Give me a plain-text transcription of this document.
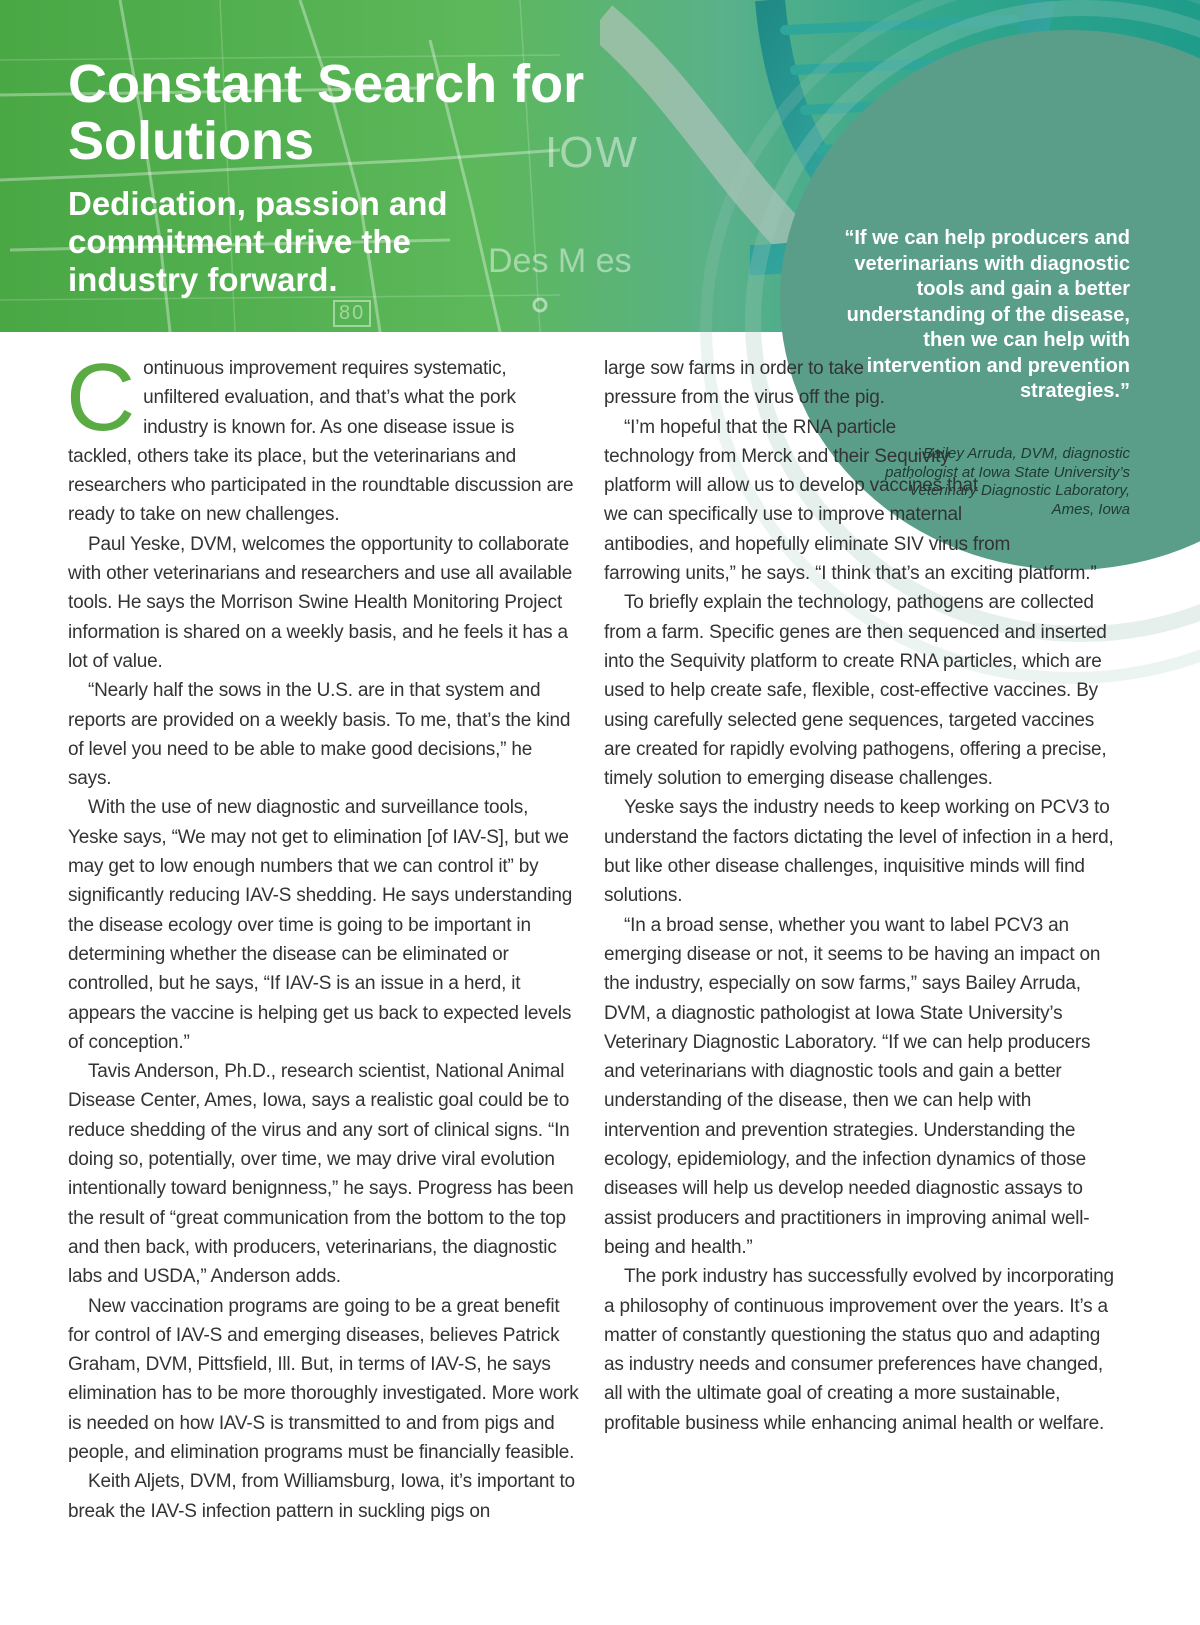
IOW
Des M es
80
Constant Search for Solutions
Dedication, passion and commitment drive the industry forward.

“If we can help producers and veterinarians with diagnostic tools and gain a better understanding of the disease, then we can help with intervention and prevention strategies.”

- Bailey Arruda, DVM, diagnostic pathologist at Iowa State University’s Veterinary Diagnostic Laboratory, Ames, Iowa

Continuous improvement requires systematic, unfiltered evaluation, and that’s what the pork industry is known for. As one disease issue is tackled, others take its place, but the veterinarians and researchers who participated in the roundtable discussion are ready to take on new challenges.

Paul Yeske, DVM, welcomes the opportunity to collaborate with other veterinarians and researchers and use all available tools. He says the Morrison Swine Health Monitoring Project information is shared on a weekly basis, and he feels it has a lot of value.

“Nearly half the sows in the U.S. are in that system and reports are provided on a weekly basis. To me, that’s the kind of level you need to be able to make good decisions,” he says.

With the use of new diagnostic and surveillance tools, Yeske says, “We may not get to elimination [of IAV-S], but we may get to low enough numbers that we can control it” by significantly reducing IAV-S shedding. He says understanding the disease ecology over time is going to be important in determining whether the disease can be eliminated or controlled, but he says, “If IAV-S is an issue in a herd, it appears the vaccine is helping get us back to expected levels of conception.”

Tavis Anderson, Ph.D., research scientist, National Animal Disease Center, Ames, Iowa, says a realistic goal could be to reduce shedding of the virus and any sort of clinical signs. “In doing so, potentially, over time, we may drive viral evolution intentionally toward benignness,” he says. Progress has been the result of “great communication from the bottom to the top and then back, with producers, veterinarians, the diagnostic labs and USDA,” Anderson adds.

New vaccination programs are going to be a great benefit for control of IAV-S and emerging diseases, believes Patrick Graham, DVM, Pittsfield, Ill. But, in terms of IAV-S, he says elimination has to be more thoroughly investigated. More work is needed on how IAV-S is transmitted to and from pigs and people, and elimination programs must be financially feasible.

Keith Aljets, DVM, from Williamsburg, Iowa, it’s important to break the IAV-S infection pattern in suckling pigs on

large sow farms in order to take pressure from the virus off the pig.

“I’m hopeful that the RNA particle technology from Merck and their Sequivity platform will allow us to develop vaccines that we can specifically use to improve maternal antibodies, and hopefully eliminate SIV virus from farrowing units,” he says. “I think that’s an exciting platform.”

To briefly explain the technology, pathogens are collected from a farm. Specific genes are then sequenced and inserted into the Sequivity platform to create RNA particles, which are used to help create safe, flexible, cost-effective vaccines. By using carefully selected gene sequences, targeted vaccines are created for rapidly evolving pathogens, offering a precise, timely solution to emerging disease challenges.

Yeske says the industry needs to keep working on PCV3 to understand the factors dictating the level of infection in a herd, but like other disease challenges, inquisitive minds will find solutions.

“In a broad sense, whether you want to label PCV3 an emerging disease or not, it seems to be having an impact on the industry, especially on sow farms,” says Bailey Arruda, DVM, a diagnostic pathologist at Iowa State University’s Veterinary Diagnostic Laboratory. “If we can help producers and veterinarians with diagnostic tools and gain a better understanding of the disease, then we can help with intervention and prevention strategies. Understanding the ecology, epidemiology, and the infection dynamics of those diseases will help us develop needed diagnostic assays to assist producers and practitioners in improving animal well-being and health.”

The pork industry has successfully evolved by incorporating a philosophy of continuous improvement over the years. It’s a matter of constantly questioning the status quo and adapting as industry needs and consumer preferences have changed, all with the ultimate goal of creating a more sustainable, profitable business while enhancing animal health or welfare.
